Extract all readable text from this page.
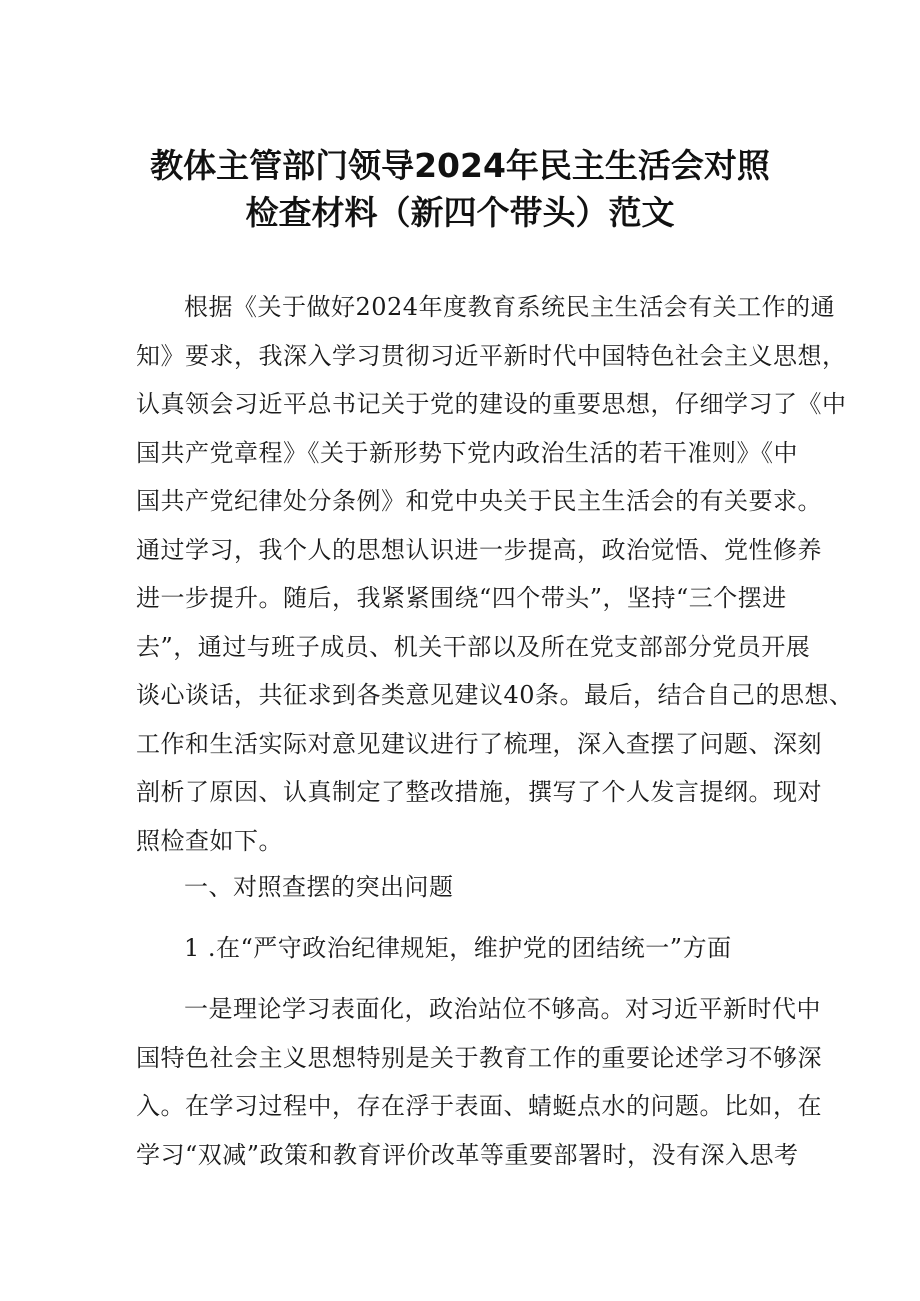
教体主管部门领导2024年民主生活会对照
检查材料（新四个带头）范文
根据《关于做好2024年度教育系统民主生活会有关工作的通
知》要求，我深入学习贯彻习近平新时代中国特色社会主义思想，
认真领会习近平总书记关于党的建设的重要思想，仔细学习了《中
国共产党章程》《关于新形势下党内政治生活的若干准则》《中
国共产党纪律处分条例》和党中央关于民主生活会的有关要求。
通过学习，我个人的思想认识进一步提高，政治觉悟、党性修养
进一步提升。随后，我紧紧围绕“四个带头”，坚持“三个摆进
去”，通过与班子成员、机关干部以及所在党支部部分党员开展
谈心谈话，共征求到各类意见建议40条。最后，结合自己的思想、
工作和生活实际对意见建议进行了梳理，深入查摆了问题、深刻
剖析了原因、认真制定了整改措施，撰写了个人发言提纲。现对
照检查如下。
一、对照查摆的突出问题
1 .在“严守政治纪律规矩，维护党的团结统一”方面
一是理论学习表面化，政治站位不够高。对习近平新时代中
国特色社会主义思想特别是关于教育工作的重要论述学习不够深
入。在学习过程中，存在浮于表面、蜻蜓点水的问题。比如，在
学习“双减”政策和教育评价改革等重要部署时，没有深入思考
